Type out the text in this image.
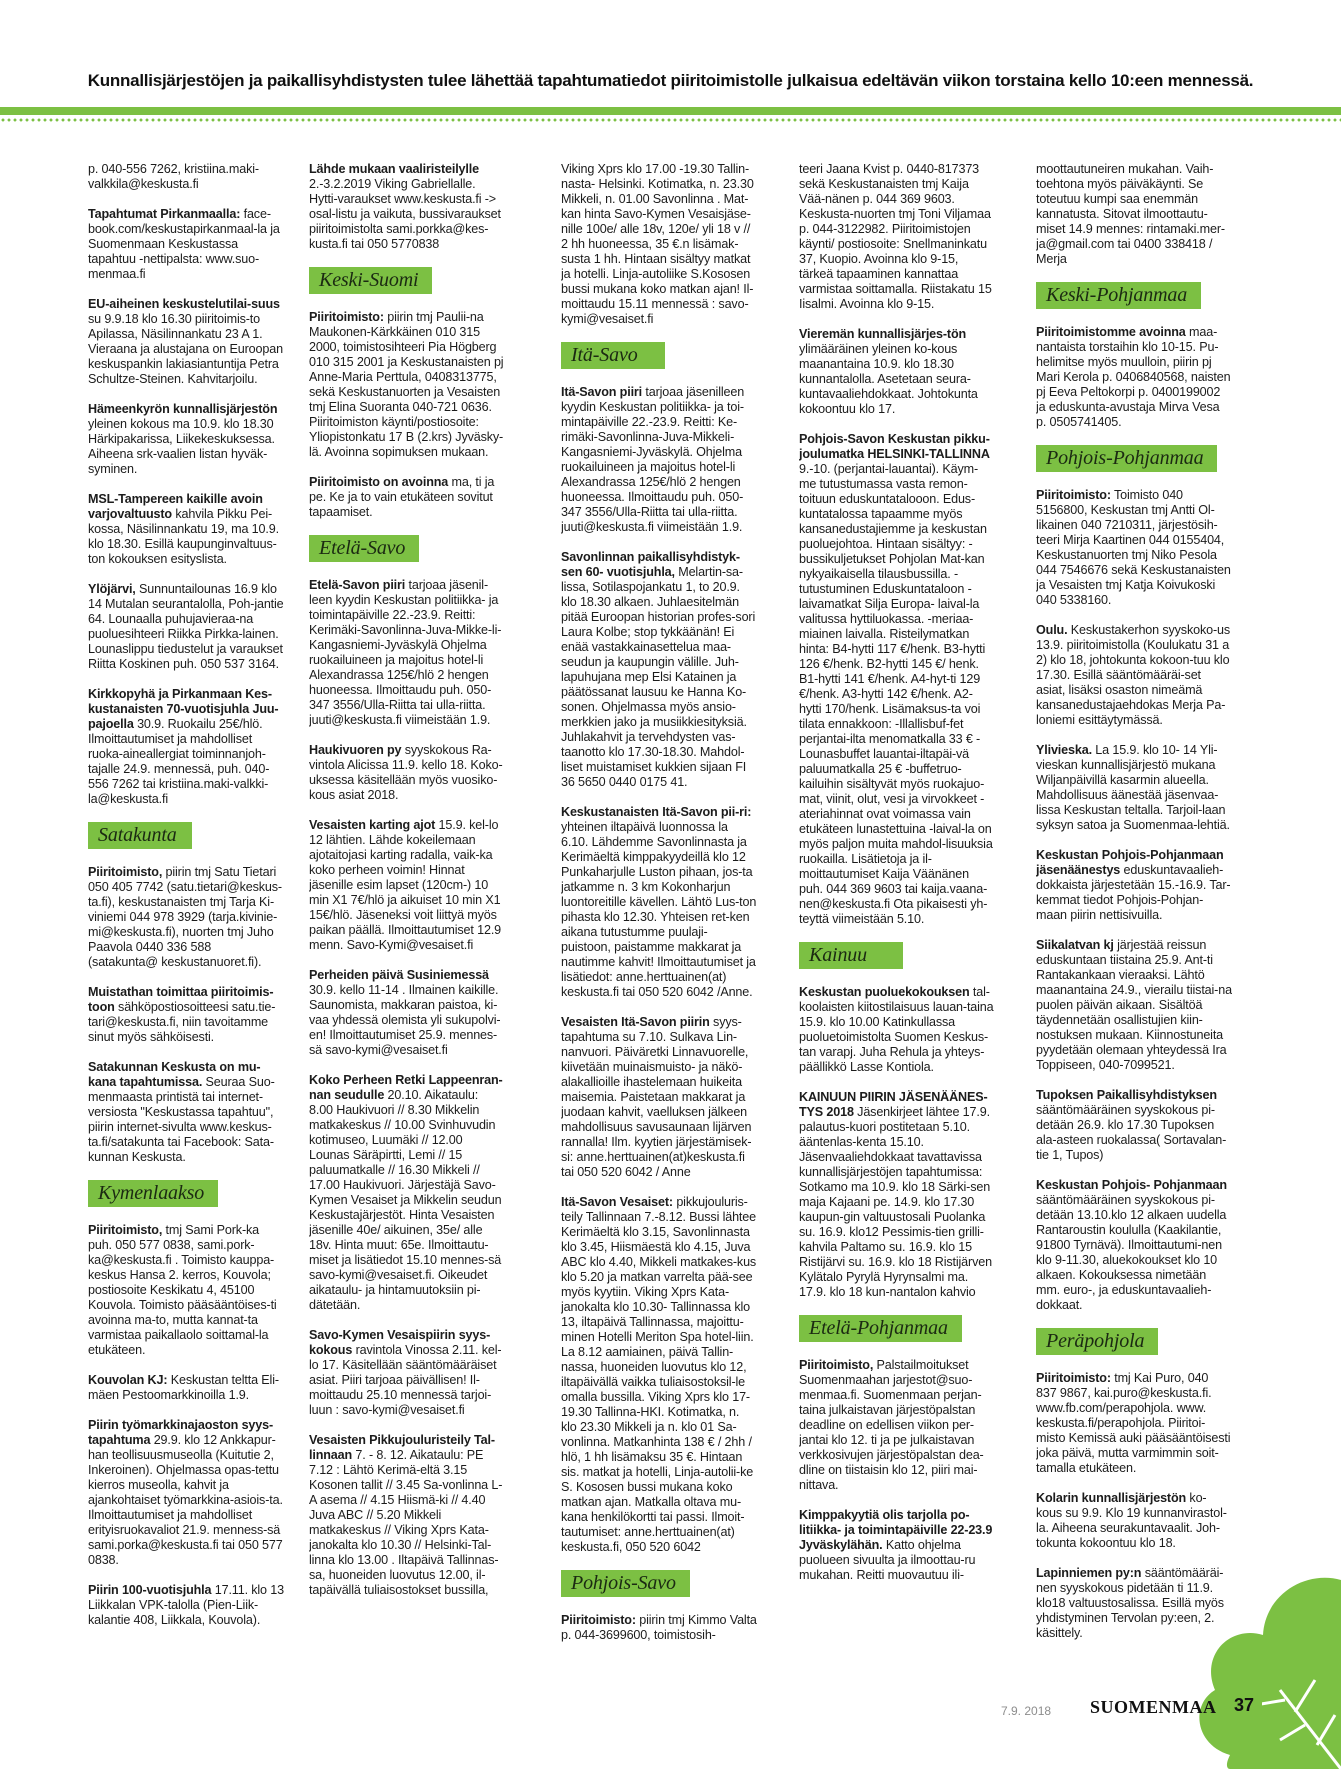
Kunnallisjärjestöjen ja paikallisyhdistysten tulee lähettää tapahtumatiedot piiritoimistolle julkaisua edeltävän viikon torstaina kello 10:een mennessä.

p. 040-556 7262, kristiina.maki-valkkila@keskusta.fi

Tapahtumat Pirkanmaalla: face-book.com/keskustapirkanmaal-la ja Suomenmaan Keskustassa tapahtuu -nettipalsta: www.suo-menmaa.fi

EU-aiheinen keskustelutilai-suus su 9.9.18 klo 16.30 piiritoimis-to Apilassa, Näsilinnankatu 23 A 1. Vieraana ja alustajana on Euroopan keskuspankin lakiasiantuntija Petra Schultze-Steinen. Kahvitarjoilu.

Hämeenkyrön kunnallisjärjestön yleinen kokous ma 10.9. klo 18.30 Härkipakarissa, Liikekeskuksessa. Aiheena srk-vaalien listan hyväk-syminen.

MSL-Tampereen kaikille avoin varjovaltuusto kahvila Pikku Pei-kossa, Näsilinnankatu 19, ma 10.9. klo 18.30. Esillä kaupunginvaltuus-ton kokouksen esityslista.

Ylöjärvi, Sunnuntailounas 16.9 klo 14 Mutalan seurantalolla, Poh-jantie 64. Lounaalla puhujavieraa-na puoluesihteeri Riikka Pirkka-lainen. Lounaslippu tiedustelut ja varaukset Riitta Koskinen puh. 050 537 3164.

Kirkkopyhä ja Pirkanmaan Kes-kustanaisten 70-vuotisjuhla Juu-pajoella 30.9. Ruokailu 25€/hlö. Ilmoittautumiset ja mahdolliset ruoka-aineallergiat toiminnanjoh-tajalle 24.9. mennessä, puh. 040-556 7262 tai kristiina.maki-valkki-la@keskusta.fi

Satakunta

Piiritoimisto, piirin tmj Satu Tietari 050 405 7742 (satu.tietari@keskus-ta.fi), keskustanaisten tmj Tarja Ki-viniemi 044 978 3929 (tarja.kivinie-mi@keskusta.fi), nuorten tmj Juho Paavola 0440 336 588 (satakunta@ keskustanuoret.fi).

Muistathan toimittaa piiritoimis-toon sähköpostiosoitteesi satu.tie-tari@keskusta.fi, niin tavoitamme sinut myös sähköisesti.

Satakunnan Keskusta on mu-kana tapahtumissa. Seuraa Suo-menmaasta printistä tai internet-versiosta "Keskustassa tapahtuu", piirin internet-sivulta www.keskus-ta.fi/satakunta tai Facebook: Sata-kunnan Keskusta.

Kymenlaakso

Piiritoimisto, tmj Sami Pork-ka puh. 050 577 0838, sami.pork-ka@keskusta.fi . Toimisto kauppa-keskus Hansa 2. kerros, Kouvola; postiosoite Keskikatu 4, 45100 Kouvola. Toimisto pääsääntöises-ti avoinna ma-to, mutta kannat-ta varmistaa paikallaolo soittamal-la etukäteen.

Kouvolan KJ: Keskustan teltta Eli-mäen Pestoomarkkinoilla 1.9.

Piirin työmarkkinajaoston syys-tapahtuma 29.9. klo 12 Ankkapur-han teollisuusmuseolla (Kuitutie 2, Inkeroinen). Ohjelmassa opas-tettu kierros museolla, kahvit ja ajankohtaiset työmarkkina-asiois-ta. Ilmoittautumiset ja mahdolliset erityisruokavaliot 21.9. menness-sä sami.porka@keskusta.fi tai 050 577 0838.

Piirin 100-vuotisjuhla 17.11. klo 13 Liikkalan VPK-talolla (Pien-Liik-kalantie 408, Liikkala, Kouvola).

Lähde mukaan vaaliristeilylle 2.-3.2.2019 Viking Gabriellalle. Hytti-varaukset www.keskusta.fi -> osal-listu ja vaikuta, bussivaraukset piiritoimistolta sami.porkka@kes-kusta.fi tai 050 5770838

Keski-Suomi

Piiritoimisto: piirin tmj Paulii-na Maukonen-Kärkkäinen 010 315 2000, toimistosihteeri Pia Högberg 010 315 2001 ja Keskustanaisten pj Anne-Maria Perttula, 0408313775, sekä Keskustanuorten ja Vesaisten tmj Elina Suoranta 040-721 0636. Piiritoimiston käynti/postiosoite: Yliopistonkatu 17 B (2.krs) Jyväsky-lä. Avoinna sopimuksen mukaan.

Piiritoimisto on avoinna ma, ti ja pe. Ke ja to vain etukäteen sovitut tapaamiset.

Etelä-Savo

Etelä-Savon piiri tarjoaa jäsenil-leen kyydin Keskustan politiikka- ja toimintapäiville 22.-23.9. Reitti: Kerimäki-Savonlinna-Juva-Mikke-li-Kangasniemi-Jyväskylä Ohjelma ruokailuineen ja majoitus hotel-li Alexandrassa 125€/hlö 2 hengen huoneessa. Ilmoittaudu puh. 050-347 3556/Ulla-Riitta tai ulla-riitta. juuti@keskusta.fi viimeistään 1.9.

Haukivuoren py syyskokous Ra-vintola Alicissa 11.9. kello 18. Koko-uksessa käsitellään myös vuosiko-kous asiat 2018.

Vesaisten karting ajot 15.9. kel-lo 12 lähtien. Lähde kokeilemaan ajotaitojasi karting radalla, vaik-ka koko perheen voimin! Hinnat jäsenille esim lapset (120cm-) 10 min X1 7€/hlö ja aikuiset 10 min X1 15€/hlö. Jäseneksi voit liittyä myös paikan päällä. Ilmoittautumiset 12.9 menn. Savo-Kymi@vesaiset.fi

Perheiden päivä Susiniemessä 30.9. kello 11-14 . Ilmainen kaikille. Saunomista, makkaran paistoa, ki-vaa yhdessä olemista yli sukupolvi-en! Ilmoittautumiset 25.9. mennes-sä savo-kymi@vesaiset.fi

Koko Perheen Retki Lappeenran-nan seudulle 20.10. Aikataulu: 8.00 Haukivuori // 8.30 Mikkelin matkakeskus // 10.00 Svinhuvudin kotimuseo, Luumäki // 12.00 Lounas Säräpirtti, Lemi // 15 paluumatkalle // 16.30 Mikkeli // 17.00 Haukivuori. Järjestäjä Savo-Kymen Vesaiset ja Mikkelin seudun Keskustajärjestöt. Hinta Vesaisten jäsenille 40e/ aikuinen, 35e/ alle 18v. Hinta muut: 65e. Ilmoittautu-miset ja lisätiedot 15.10 mennes-sä savo-kymi@vesaiset.fi. Oikeudet aikataulu- ja hintamuutoksiin pi-dätetään.

Savo-Kymen Vesaispiirin syys-kokous ravintola Vinossa 2.11. kel-lo 17. Käsitellään sääntömääräiset asiat. Piiri tarjoaa päivällisen! Il-moittaudu 25.10 mennessä tarjoi-luun : savo-kymi@vesaiset.fi

Vesaisten Pikkujouluristeily Tal-linnaan 7. - 8. 12. Aikataulu: PE 7.12 : Lähtö Kerimä-eltä 3.15 Kosonen tallit // 3.45 Sa-vonlinna L-A asema // 4.15 Hiismä-ki // 4.40 Juva ABC // 5.20 Mikkeli matkakeskus // Viking Xprs Kata-janokalta klo 10.30 // Helsinki-Tal-linna klo 13.00 . Iltapäivä Tallinnas-sa, huoneiden luovutus 12.00, il-tapäivällä tuliaisostokset bussilla,

Viking Xprs klo 17.00 -19.30 Tallin-nasta- Helsinki. Kotimatka, n. 23.30 Mikkeli, n. 01.00 Savonlinna . Mat-kan hinta Savo-Kymen Vesaisjäse-nille 100e/ alle 18v, 120e/ yli 18 v // 2 hh huoneessa, 35 €.n lisämak-susta 1 hh. Hintaan sisältyy matkat ja hotelli. Linja-autoliike S.Kososen bussi mukana koko matkan ajan! Il-moittaudu 15.11 mennessä : savo-kymi@vesaiset.fi

Itä-Savo

Itä-Savon piiri tarjoaa jäsenilleen kyydin Keskustan politiikka- ja toi-mintapäiville 22.-23.9. Reitti: Ke-rimäki-Savonlinna-Juva-Mikkeli-Kangasniemi-Jyväskylä. Ohjelma ruokailuineen ja majoitus hotel-li Alexandrassa 125€/hlö 2 hengen huoneessa. Ilmoittaudu puh. 050-347 3556/Ulla-Riitta tai ulla-riitta. juuti@keskusta.fi viimeistään 1.9.

Savonlinnan paikallisyhdistyk-sen 60- vuotisjuhla, Melartin-sa-lissa, Sotilaspojankatu 1, to 20.9. klo 18.30 alkaen. Juhlaesitelmän pitää Euroopan historian profes-sori Laura Kolbe; stop tykkäänän! Ei enää vastakkainasettelua maa-seudun ja kaupungin välille. Juh-lapuhujana mep Elsi Katainen ja päätössanat lausuu ke Hanna Ko-sonen. Ohjelmassa myös ansio-merkkien jako ja musiikkiesityksiä. Juhlakahvit ja tervehdysten vas-taanotto klo 17.30-18.30. Mahdol-liset muistamiset kukkien sijaan FI 36 5650 0440 0175 41.

Keskustanaisten Itä-Savon pii-ri: yhteinen iltapäivä luonnossa la 6.10. Lähdemme Savonlinnasta ja Kerimäeltä kimppakyydeillä klo 12 Punkaharjulle Luston pihaan, jos-ta jatkamme n. 3 km Kokonharjun luontoreitille kävellen. Lähtö Lus-ton pihasta klo 12.30. Yhteisen ret-ken aikana tutustumme puulaji-puistoon, paistamme makkarat ja nautimme kahvit! Ilmoittautumiset ja lisätiedot: anne.herttuainen(at) keskusta.fi tai 050 520 6042 /Anne.

Vesaisten Itä-Savon piirin syys-tapahtuma su 7.10. Sulkava Lin-nanvuori. Päiväretki Linnavuorelle, kiivetään muinaismuisto- ja näkö-alakallioille ihastelemaan huikeita maisemia. Paistetaan makkarat ja juodaan kahvit, vaelluksen jälkeen mahdollisuus savusaunaan lijärven rannalla! Ilm. kyytien järjestämisek-si: anne.herttuainen(at)keskusta.fi tai 050 520 6042 / Anne

Itä-Savon Vesaiset: pikkujouluris-teily Tallinnaan 7.-8.12. Bussi lähtee Kerimäeltä klo 3.15, Savonlinnasta klo 3.45, Hiismäestä klo 4.15, Juva ABC klo 4.40, Mikkeli matkakes-kus klo 5.20 ja matkan varrelta pää-see myös kyytiin. Viking Xprs Kata-janokalta klo 10.30- Tallinnassa klo 13, iltapäivä Tallinnassa, majoittu-minen Hotelli Meriton Spa hotel-liin. La 8.12 aamiainen, päivä Tallin-nassa, huoneiden luovutus klo 12, iltapäivällä vaikka tuliaisostoksil-le omalla bussilla. Viking Xprs klo 17-19.30 Tallinna-HKI. Kotimatka, n. klo 23.30 Mikkeli ja n. klo 01 Sa-vonlinna. Matkanhinta 138 € / 2hh / hlö, 1 hh lisämaksu 35 €. Hintaan sis. matkat ja hotelli, Linja-autolii-ke S. Kososen bussi mukana koko matkan ajan. Matkalla oltava mu-kana henkilökortti tai passi. Ilmoit-tautumiset: anne.herttuainen(at) keskusta.fi, 050 520 6042

Pohjois-Savo

Piiritoimisto: piirin tmj Kimmo Valta p. 044-3699600, toimistosih-

teeri Jaana Kvist p. 0440-817373 sekä Keskustanaisten tmj Kaija Vää-nänen p. 044 369 9603. Keskusta-nuorten tmj Toni Viljamaa p. 044-3122982. Piiritoimistojen käynti/ postiosoite: Snellmaninkatu 37, Kuopio. Avoinna klo 9-15, tärkeä tapaaminen kannattaa varmistaa soittamalla. Riistakatu 15 Iisalmi. Avoinna klo 9-15.

Vieremän kunnallisjärjes-tön ylimääräinen yleinen ko-kous maanantaina 10.9. klo 18.30 kunnantalolla. Asetetaan seura-kuntavaaliehdokkaat. Johtokunta kokoontuu klo 17.

Pohjois-Savon Keskustan pikku-joulumatka HELSINKI-TALLINNA 9.-10. (perjantai-lauantai). Käym-me tutustumassa vasta remon-toituun eduskuntatalooon. Edus-kuntatalossa tapaamme myös kansanedustajiemme ja keskustan puoluejohtoa. Hintaan sisältyy: -bussikuljetukset Pohjolan Mat-kan nykyaikaisella tilausbussilla. -tutustuminen Eduskuntataloon -laivamatkat Silja Europa- laival-la valitussa hyttiluokassa. -meriaa-miainen laivalla. Risteilymatkan hinta: B4-hytti 117 €/henk. B3-hytti 126 €/henk. B2-hytti 145 €/ henk. B1-hytti 141 €/henk. A4-hyt-ti 129 €/henk. A3-hytti 142 €/henk. A2-hytti 170/henk. Lisämaksus-ta voi tilata ennakkoon: -Illallisbuf-fet perjantai-ilta menomatkalla 33 € -Lounasbuffet lauantai-iltapäi-vä paluumatkalla 25 € -buffetruo-kailuihin sisältyvät myös ruokajuo-mat, viinit, olut, vesi ja virvokkeet -ateriahinnat ovat voimassa vain etukäteen lunastettuina -laival-la on myös paljon muita mahdol-lisuuksia ruokailla. Lisätietoja ja il-moittautumiset Kaija Väänänen puh. 044 369 9603 tai kaija.vaana-nen@keskusta.fi Ota pikaisesti yh-teyttä viimeistään 5.10.

Kainuu

Keskustan puoluekokouksen tal-koolaisten kiitostilaisuus lauan-taina 15.9. klo 10.00 Katinkullassa puoluetoimistolta Suomen Keskus-tan varapj. Juha Rehula ja yhteys-päällikkö Lasse Kontiola.

KAINUUN PIIRIN JÄSENÄÄNES-TYS 2018 Jäsenkirjeet lähtee 17.9. palautus-kuori postitetaan 5.10. ääntenlas-kenta 15.10. Jäsenvaaliehdokkaat tavattavissa kunnallisjärjestöjen tapahtumissa: Sotkamo ma 10.9. klo 18 Särki-sen maja Kajaani pe. 14.9. klo 17.30 kaupun-gin valtuustosali Puolanka su. 16.9. klo12 Pessimis-tien grilli-kahvila Paltamo su. 16.9. klo 15 Ristijärvi su. 16.9. klo 18 Ristijärven Kylätalo Pyrylä Hyrynsalmi ma. 17.9. klo 18 kun-nantalon kahvio

Etelä-Pohjanmaa

Piiritoimisto, Palstailmoitukset Suomenmaahan jarjestot@suo-menmaa.fi. Suomenmaan perjan-taina julkaistavan järjestöpalstan deadline on edellisen viikon per-jantai klo 12. ti ja pe julkaistavan verkkosivujen järjestöpalstan dea-dline on tiistaisin klo 12, piiri mai-nittava.

Kimppakyytiä olis tarjolla po-litiikka- ja toimintapäiville 22-23.9 Jyväskylähän. Katto ohjelma puolueen sivuulta ja ilmoottau-ru mukahan. Reitti muovautuu ili-

moottautuneiren mukahan. Vaih-toehtona myös päiväkäynti. Se toteutuu kumpi saa enemmän kannatusta. Sitovat ilmoottautu-miset 14.9 mennes: rintamaki.mer-ja@gmail.com tai 0400 338418 / Merja

Keski-Pohjanmaa

Piiritoimistomme avoinna maa-nantaista torstaihin klo 10-15. Pu-helimitse myös muulloin, piirin pj Mari Kerola p. 0406840568, naisten pj Eeva Peltokorpi p. 0400199002 ja eduskunta-avustaja Mirva Vesa p. 0505741405.

Pohjois-Pohjanmaa

Piiritoimisto: Toimisto 040 5156800, Keskustan tmj Antti Ol-likainen 040 7210311, järjestösih-teeri Mirja Kaartinen 044 0155404, Keskustanuorten tmj Niko Pesola 044 7546676 sekä Keskustanaisten ja Vesaisten tmj Katja Koivukoski 040 5338160.

Oulu. Keskustakerhon syyskoko-us 13.9. piiritoimistolla (Koulukatu 31 a 2) klo 18, johtokunta kokoon-tuu klo 17.30. Esillä sääntömääräi-set asiat, lisäksi osaston nimeämä kansanedustajaehdokas Merja Pa-loniemi esittäytymässä.

Ylivieska. La 15.9. klo 10- 14 Yli-vieskan kunnallisjärjestö mukana Wiljanpäivillä kasarmin alueella. Mahdollisuus äänestää jäsenvaa-lissa Keskustan teltalla. Tarjoil-laan syksyn satoa ja Suomenmaa-lehtiä.

Keskustan Pohjois-Pohjanmaan jäsenäänestys eduskuntavaalieh-dokkaista järjestetään 15.-16.9. Tar-kemmat tiedot Pohjois-Pohjan-maan piirin nettisivuilla.

Siikalatvan kj järjestää reissun eduskuntaan tiistaina 25.9. Ant-ti Rantakankaan vieraaksi. Lähtö maanantaina 24.9., vierailu tiistai-na puolen päivän aikaan. Sisältöä täydennetään osallistujien kiin-nostuksen mukaan. Kiinnostuneita pyydetään olemaan yhteydessä Ira Toppiseen, 040-7099521.

Tupoksen Paikallisyhdistyksen sääntömääräinen syyskokous pi-detään 26.9. klo 17.30 Tupoksen ala-asteen ruokalassa( Sortavalan-tie 1, Tupos)

Keskustan Pohjois- Pohjanmaan sääntömääräinen syyskokous pi-detään 13.10.klo 12 alkaen uudella Rantaroustin koululla (Kaakilantie, 91800 Tyrnävä). Ilmoittautumi-nen klo 9-11.30, aluekokoukset klo 10 alkaen. Kokouksessa nimetään mm. euro-, ja eduskuntavaalieh-dokkaat.

Peräpohjola

Piiritoimisto: tmj Kai Puro, 040 837 9867, kai.puro@keskusta.fi. www.fb.com/perapohjola. www. keskusta.fi/perapohjola. Piiritoi-misto Kemissä auki pääsääntöisesti joka päivä, mutta varmimmin soit-tamalla etukäteen.

Kolarin kunnallisjärjestön ko-kous su 9.9. Klo 19 kunnanvirastol-la. Aiheena seurakuntavaalit. Joh-tokunta kokoontuu klo 18.

Lapinniemen py:n sääntömääräi-nen syyskokous pidetään ti 11.9. klo18 valtuustosalissa. Esillä myös yhdistyminen Tervolan py:een, 2. käsittely.

7.9. 2018 SUOMENMAA 37
